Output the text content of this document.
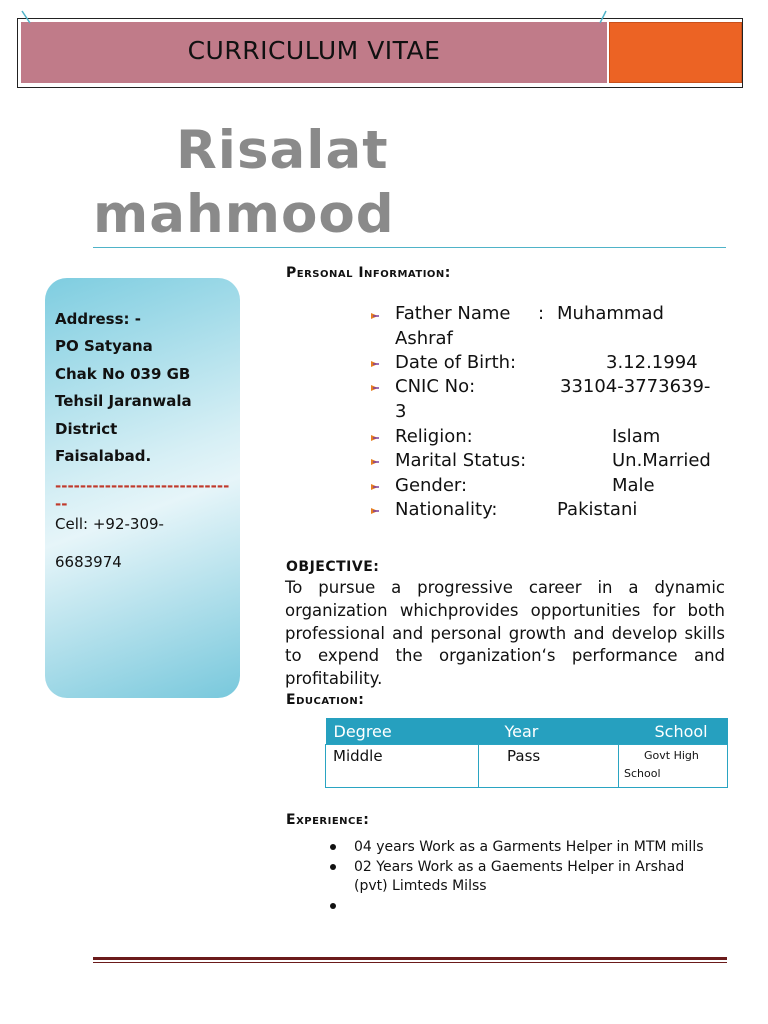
CURRICULUM VITAE
Risalat
mahmood
Address: -
PO Satyana
Chak No 039 GB
Tehsil Jaranwala
District
Faisalabad.
------------------------------
Cell: +92-309-
6683974
Personal Information:
Father Name : Muhammad
Ashraf
Date of Birth:	3.12.1994
CNIC No:	33104-3773639-
3
Religion:	Islam
Marital Status:	Un.Married
Gender:	Male
Nationality:	Pakistani
OBJECTIVE:
To pursue a progressive career in a dynamic organization whichprovides opportunities for both professional and personal growth and develop skills to expend the organization‘s performance and profitability.
Education:
Degree	Year	School
Middle	Pass	Govt High
School
Experience:
04 years Work as a Garments Helper in MTM mills
02 Years Work as a Gaements Helper in Arshad (pvt) Limteds Milss
